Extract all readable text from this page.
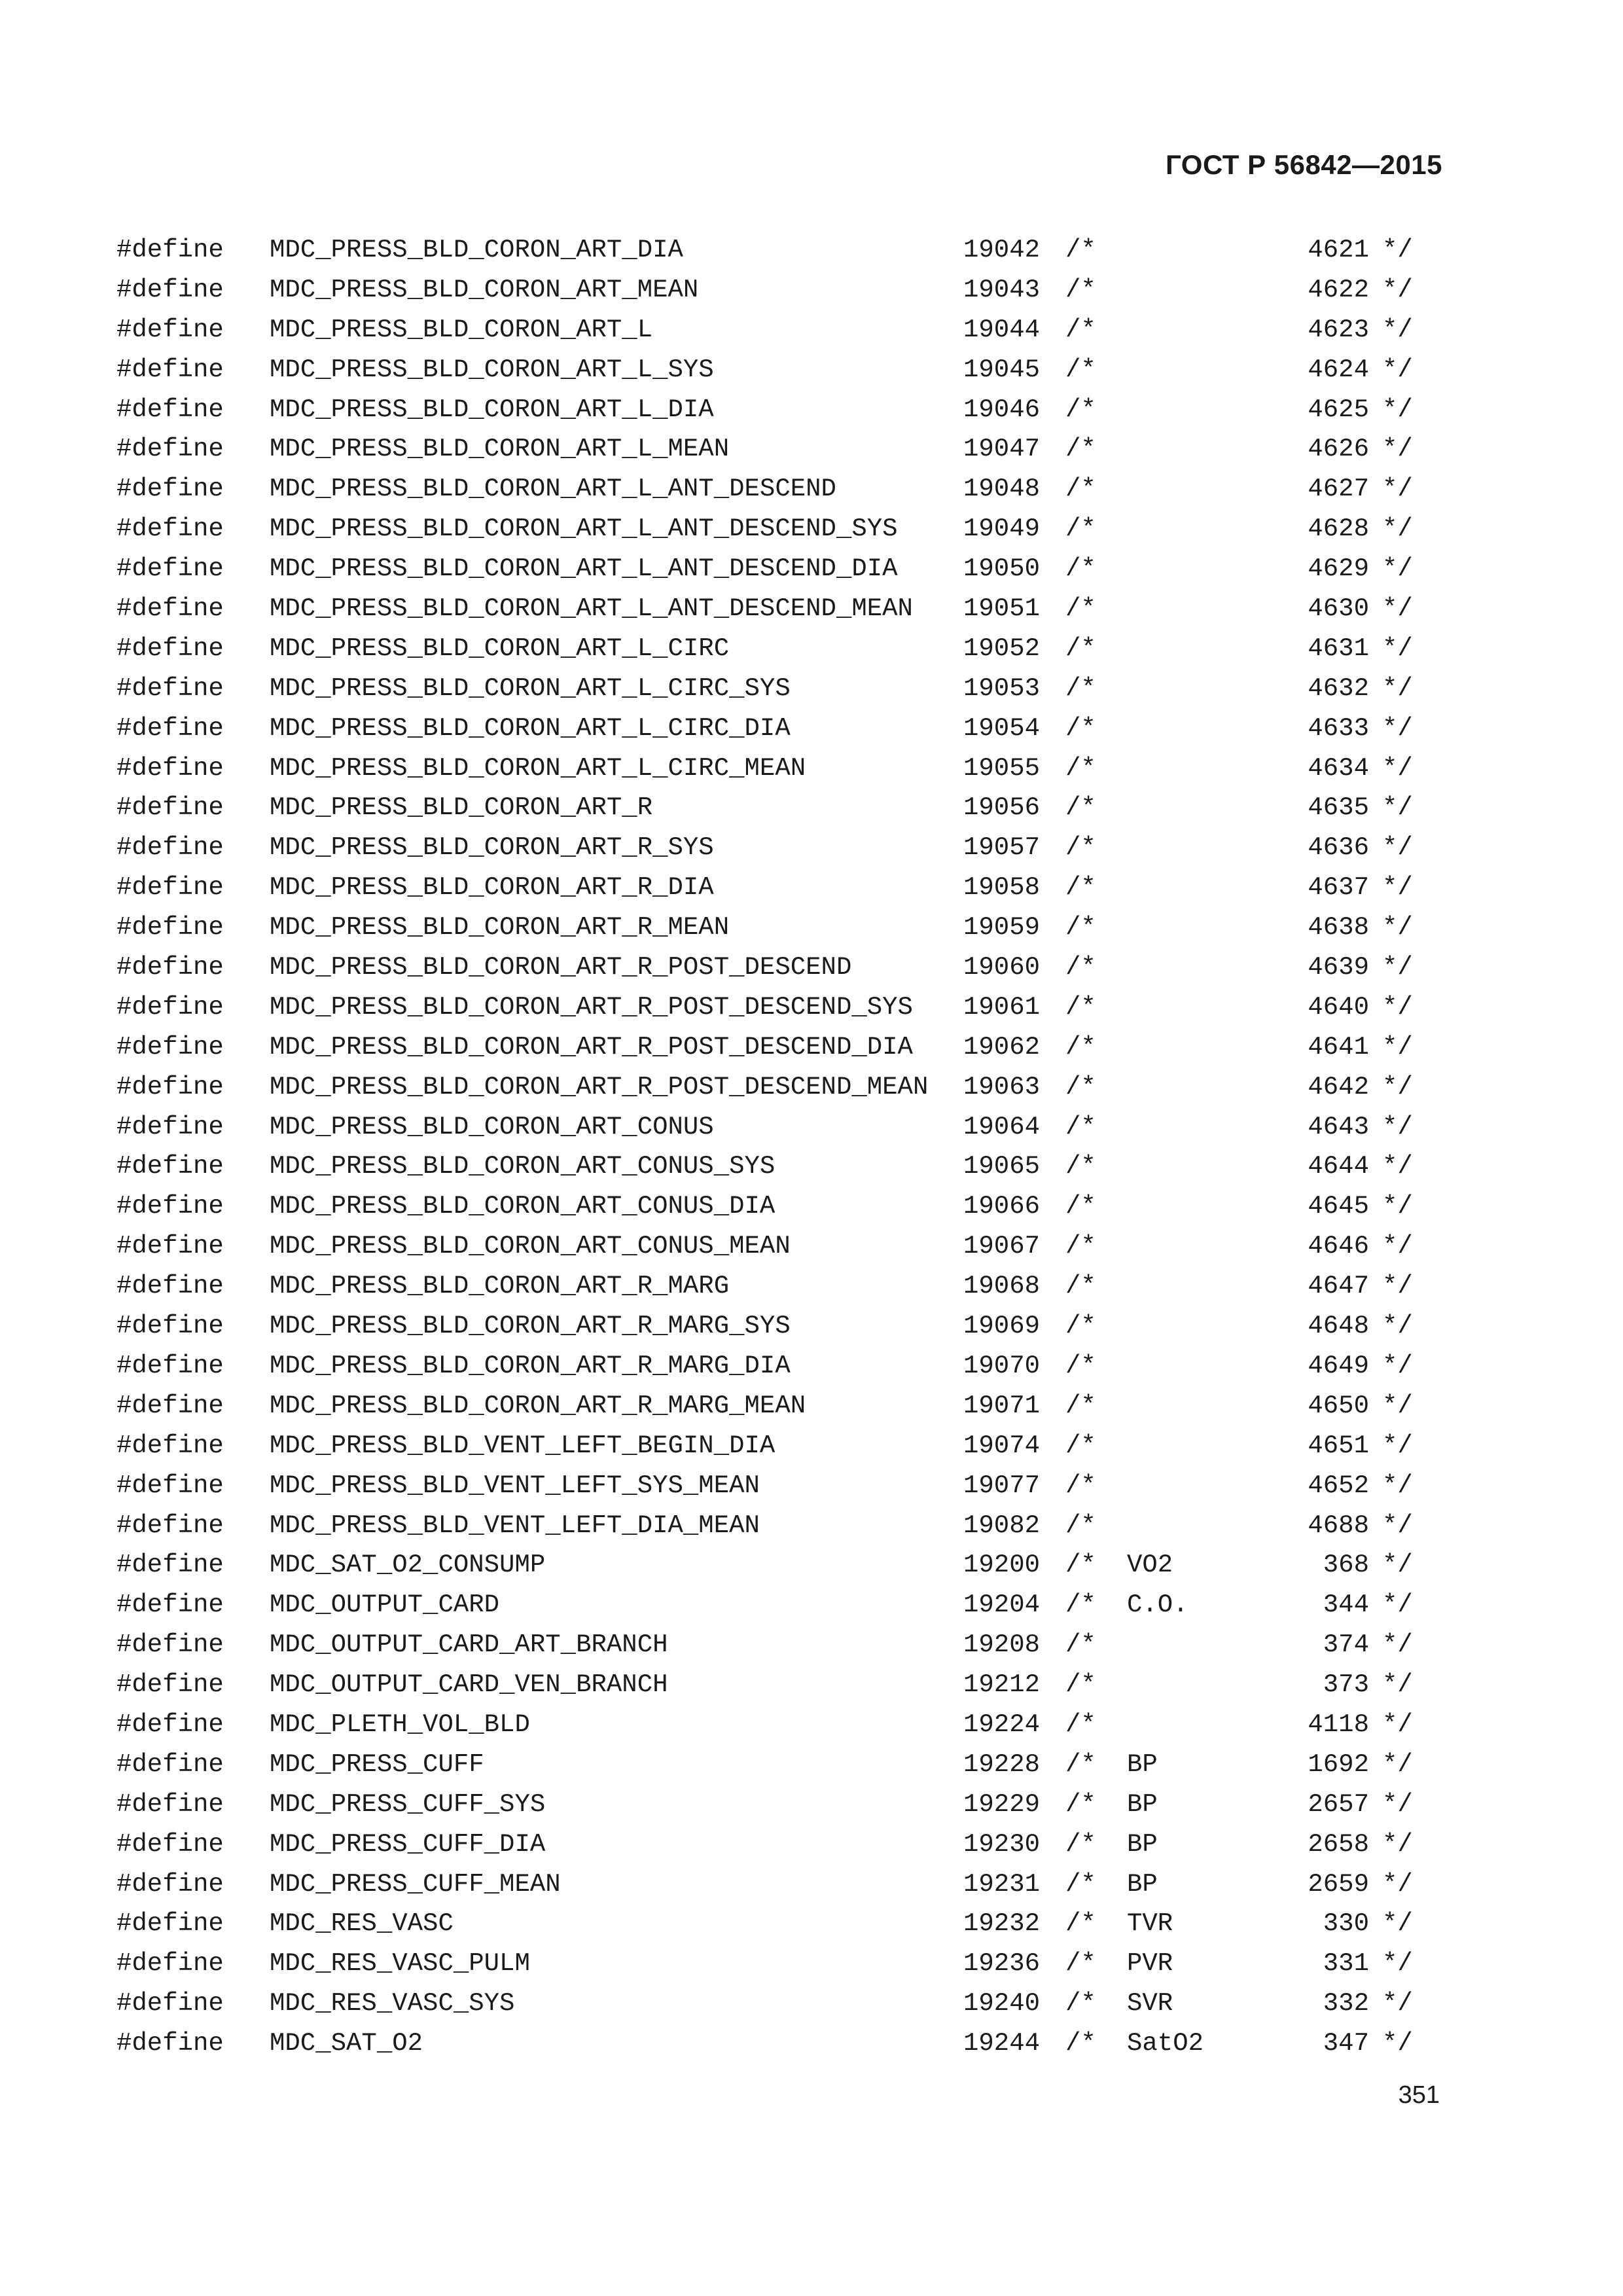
ГОСТ Р 56842—2015
#define MDC_PRESS_BLD_CORON_ART_DIA	19042 /*	4621 */
#define MDC_PRESS_BLD_CORON_ART_MEAN	19043 /*	4622 */
#define MDC_PRESS_BLD_CORON_ART_L	19044 /*	4623 */
#define MDC_PRESS_BLD_CORON_ART_L_SYS	19045 /*	4624 */
#define MDC_PRESS_BLD_CORON_ART_L_DIA	19046 /*	4625 */
#define MDC_PRESS_BLD_CORON_ART_L_MEAN	19047 /*	4626 */
#define MDC_PRESS_BLD_CORON_ART_L_ANT_DESCEND	19048 /*	4627 */
#define MDC_PRESS_BLD_CORON_ART_L_ANT_DESCEND_SYS	19049 /*	4628 */
#define MDC_PRESS_BLD_CORON_ART_L_ANT_DESCEND_DIA	19050 /*	4629 */
#define MDC_PRESS_BLD_CORON_ART_L_ANT_DESCEND_MEAN 19051 /*	4630 */
#define MDC_PRESS_BLD_CORON_ART_L_CIRC	19052 /*	4631 */
#define MDC_PRESS_BLD_CORON_ART_L_CIRC_SYS	19053 /*	4632 */
#define MDC_PRESS_BLD_CORON_ART_L_CIRC_DIA	19054 /*	4633 */
#define MDC_PRESS_BLD_CORON_ART_L_CIRC_MEAN	19055 /*	4634 */
#define MDC_PRESS_BLD_CORON_ART_R	19056 /*	4635 */
#define MDC_PRESS_BLD_CORON_ART_R_SYS	19057 /*	4636 */
#define MDC_PRESS_BLD_CORON_ART_R_DIA	19058 /*	4637 */
#define MDC_PRESS_BLD_CORON_ART_R_MEAN	19059 /*	4638 */
#define MDC_PRESS_BLD_CORON_ART_R_POST_DESCEND	19060 /*	4639 */
#define MDC_PRESS_BLD_CORON_ART_R_POST_DESCEND_SYS 19061 /*	4640 */
#define MDC_PRESS_BLD_CORON_ART_R_POST_DESCEND_DIA 19062 /*	4641 */
#define MDC_PRESS_BLD_CORON_ART_R_POST_DESCEND_MEAN 19063 /*	4642 */
#define MDC_PRESS_BLD_CORON_ART_CONUS	19064 /*	4643 */
#define MDC_PRESS_BLD_CORON_ART_CONUS_SYS	19065 /*	4644 */
#define MDC_PRESS_BLD_CORON_ART_CONUS_DIA	19066 /*	4645 */
#define MDC_PRESS_BLD_CORON_ART_CONUS_MEAN	19067 /*	4646 */
#define MDC_PRESS_BLD_CORON_ART_R_MARG	19068 /*	4647 */
#define MDC_PRESS_BLD_CORON_ART_R_MARG_SYS	19069 /*	4648 */
#define MDC_PRESS_BLD_CORON_ART_R_MARG_DIA	19070 /*	4649 */
#define MDC_PRESS_BLD_CORON_ART_R_MARG_MEAN	19071 /*	4650 */
#define MDC_PRESS_BLD_VENT_LEFT_BEGIN_DIA	19074 /*	4651 */
#define MDC_PRESS_BLD_VENT_LEFT_SYS_MEAN	19077 /*	4652 */
#define MDC_PRESS_BLD_VENT_LEFT_DIA_MEAN	19082 /*	4688 */
#define MDC_SAT_O2_CONSUMP	19200 /* VO2	368 */
#define MDC_OUTPUT_CARD	19204 /* C.O.	344 */
#define MDC_OUTPUT_CARD_ART_BRANCH	19208 /*	374 */
#define MDC_OUTPUT_CARD_VEN_BRANCH	19212 /*	373 */
#define MDC_PLETH_VOL_BLD	19224 /*	4118 */
#define MDC_PRESS_CUFF	19228 /* BP	1692 */
#define MDC_PRESS_CUFF_SYS	19229 /* BP	2657 */
#define MDC_PRESS_CUFF_DIA	19230 /* BP	2658 */
#define MDC_PRESS_CUFF_MEAN	19231 /* BP	2659 */
#define MDC_RES_VASC	19232 /* TVR	330 */
#define MDC_RES_VASC_PULM	19236 /* PVR	331 */
#define MDC_RES_VASC_SYS	19240 /* SVR	332 */
#define MDC_SAT_O2	19244 /* SatO2	347 */
351
